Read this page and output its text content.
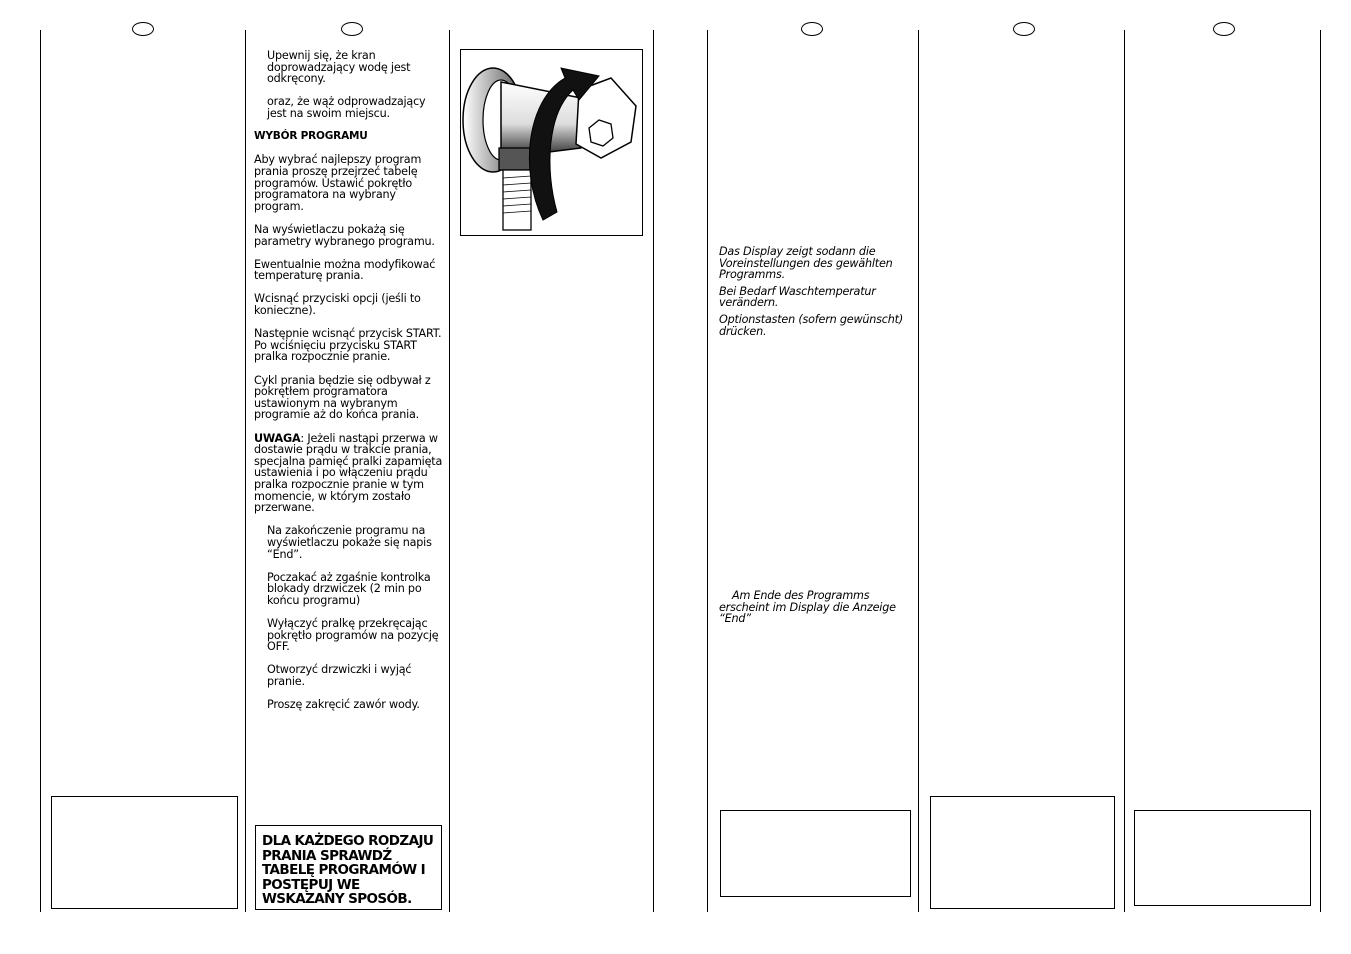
Upewnij się, że kran doprowadzający wodę jest odkręcony.

oraz, że wąż odprowadzający jest na swoim miejscu.

WYBÓR PROGRAMU

Aby wybrać najlepszy program prania proszę przejrzeć tabelę programów. Ustawić pokrętło programatora na wybrany program.

Na wyświetlaczu pokażą się parametry wybranego programu.

Ewentualnie można modyfikować temperaturę prania.

Wcisnąć przyciski opcji (jeśli to konieczne).

Następnie wcisnąć przycisk START. Po wciśnięciu przycisku START pralka rozpocznie pranie.

Cykl prania będzie się odbywał z pokrętłem programatora ustawionym na wybranym programie aż do końca prania.

UWAGA: Jeżeli nastąpi przerwa w dostawie prądu w trakcie prania, specjalna pamięć pralki zapamięta ustawienia i po włączeniu prądu pralka rozpocznie pranie w tym momencie, w którym zostało przerwane.

Na zakończenie programu na wyświetlaczu pokaże się napis “End”.

Poczakać aż zgaśnie kontrolka blokady drzwiczek (2 min po końcu programu)

Wyłączyć pralkę przekręcając pokrętło programów na pozycję OFF.

Otworzyć drzwiczki i wyjąć pranie.

Proszę zakręcić zawór wody.

DLA KAŻDEGO RODZAJU PRANIA SPRAWDŹ TABELĘ PROGRAMÓW I POSTĘPUJ WE WSKAZANY SPOSÓB.

Das Display zeigt sodann die Voreinstellungen des gewählten Programms.

Bei Bedarf Waschtemperatur verändern.

Optionstasten (sofern gewünscht) drücken.

Am Ende des Programms erscheint im Display die Anzeige “End”
